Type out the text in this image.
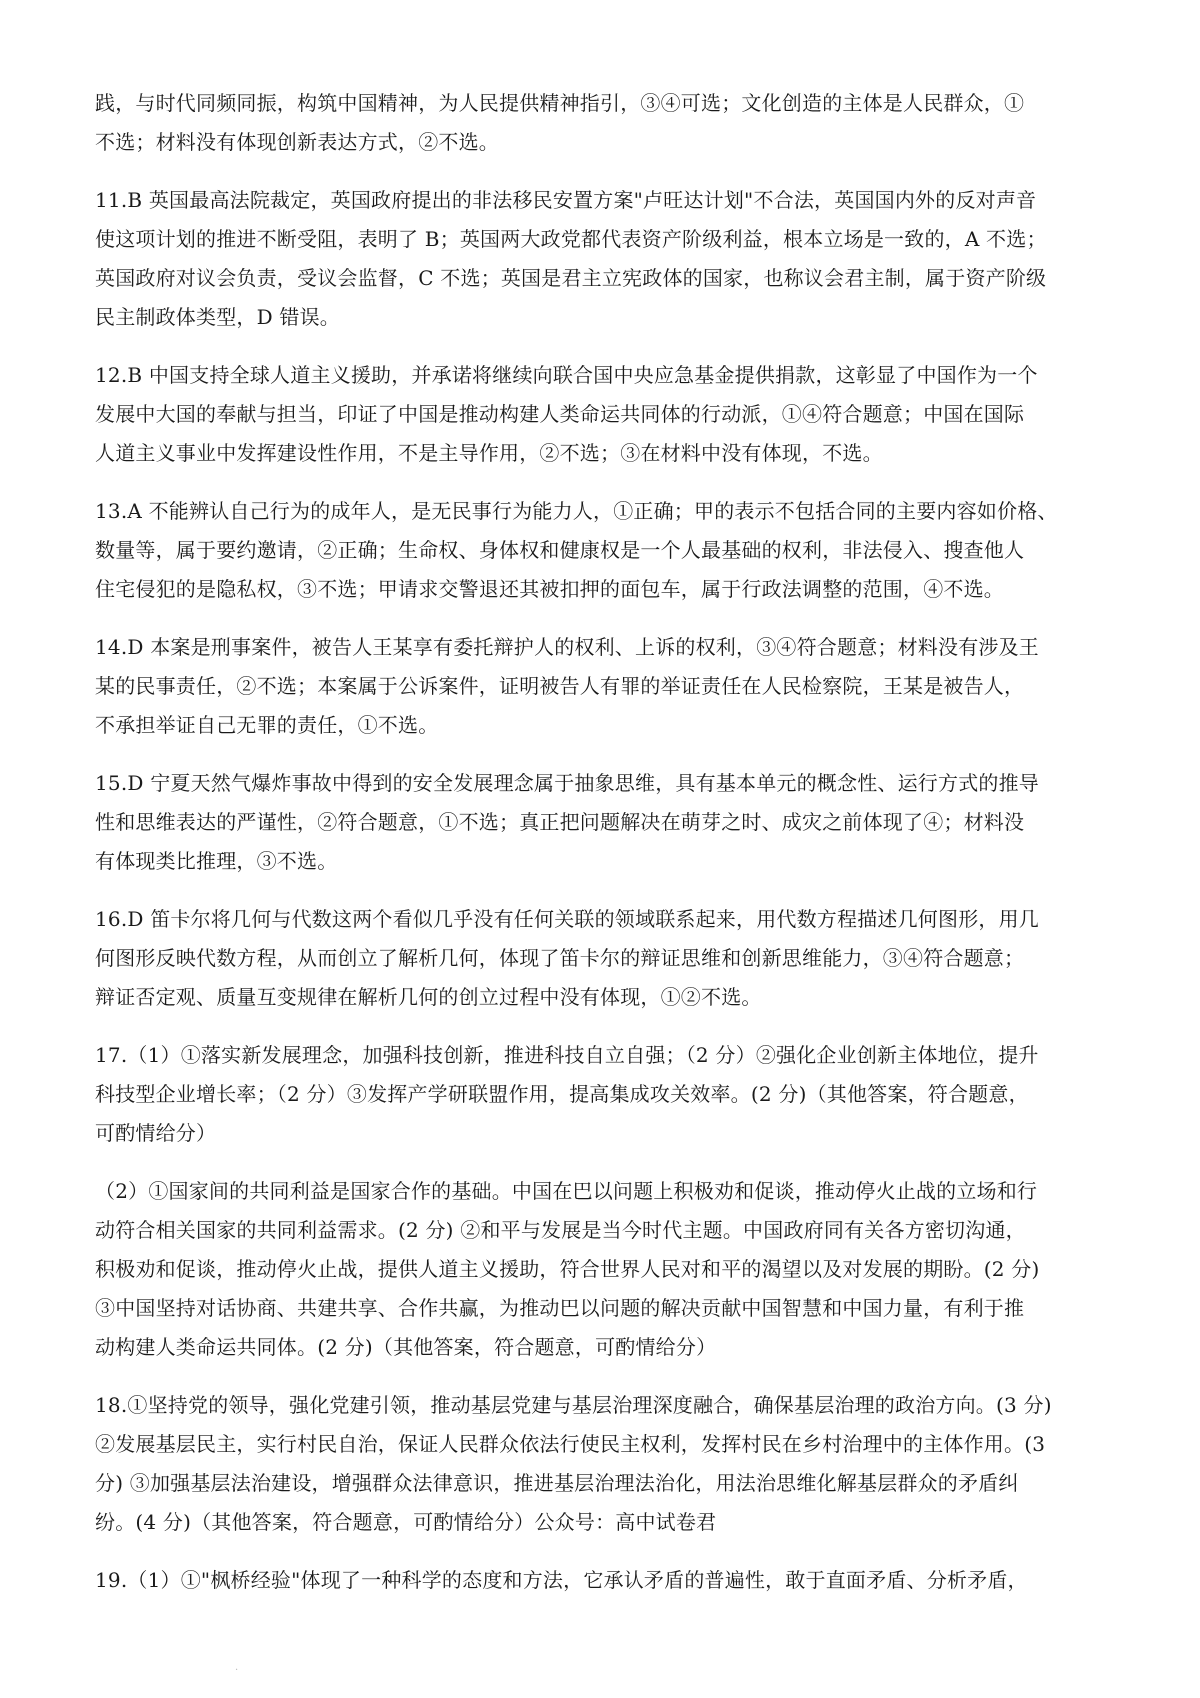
践，与时代同频同振，构筑中国精神，为人民提供精神指引，③④可选；文化创造的主体是人民群众，①
不选；材料没有体现创新表达方式，②不选。
11.B 英国最高法院裁定，英国政府提出的非法移民安置方案"卢旺达计划"不合法，英国国内外的反对声音
使这项计划的推进不断受阻，表明了 B；英国两大政党都代表资产阶级利益，根本立场是一致的，A 不选；
英国政府对议会负责，受议会监督，C 不选；英国是君主立宪政体的国家，也称议会君主制，属于资产阶级
民主制政体类型，D 错误。
12.B 中国支持全球人道主义援助，并承诺将继续向联合国中央应急基金提供捐款，这彰显了中国作为一个
发展中大国的奉献与担当，印证了中国是推动构建人类命运共同体的行动派，①④符合题意；中国在国际
人道主义事业中发挥建设性作用，不是主导作用，②不选；③在材料中没有体现，不选。
13.A 不能辨认自己行为的成年人，是无民事行为能力人，①正确；甲的表示不包括合同的主要内容如价格、
数量等，属于要约邀请，②正确；生命权、身体权和健康权是一个人最基础的权利，非法侵入、搜查他人
住宅侵犯的是隐私权，③不选；甲请求交警退还其被扣押的面包车，属于行政法调整的范围，④不选。
14.D 本案是刑事案件，被告人王某享有委托辩护人的权利、上诉的权利，③④符合题意；材料没有涉及王
某的民事责任，②不选；本案属于公诉案件，证明被告人有罪的举证责任在人民检察院，王某是被告人，
不承担举证自己无罪的责任，①不选。
15.D 宁夏天然气爆炸事故中得到的安全发展理念属于抽象思维，具有基本单元的概念性、运行方式的推导
性和思维表达的严谨性，②符合题意，①不选；真正把问题解决在萌芽之时、成灾之前体现了④；材料没
有体现类比推理，③不选。
16.D 笛卡尔将几何与代数这两个看似几乎没有任何关联的领域联系起来，用代数方程描述几何图形，用几
何图形反映代数方程，从而创立了解析几何，体现了笛卡尔的辩证思维和创新思维能力，③④符合题意；
辩证否定观、质量互变规律在解析几何的创立过程中没有体现，①②不选。
17.（1）①落实新发展理念，加强科技创新，推进科技自立自强；（2 分）②强化企业创新主体地位，提升
科技型企业增长率；（2 分）③发挥产学研联盟作用，提高集成攻关效率。(2 分)（其他答案，符合题意，
可酌情给分）
（2）①国家间的共同利益是国家合作的基础。中国在巴以问题上积极劝和促谈，推动停火止战的立场和行
动符合相关国家的共同利益需求。(2 分) ②和平与发展是当今时代主题。中国政府同有关各方密切沟通，
积极劝和促谈，推动停火止战，提供人道主义援助，符合世界人民对和平的渴望以及对发展的期盼。(2 分)
③中国坚持对话协商、共建共享、合作共赢，为推动巴以问题的解决贡献中国智慧和中国力量，有利于推
动构建人类命运共同体。(2 分)（其他答案，符合题意，可酌情给分）
18.①坚持党的领导，强化党建引领，推动基层党建与基层治理深度融合，确保基层治理的政治方向。(3 分)
②发展基层民主，实行村民自治，保证人民群众依法行使民主权利，发挥村民在乡村治理中的主体作用。(3
分) ③加强基层法治建设，增强群众法律意识，推进基层治理法治化，用法治思维化解基层群众的矛盾纠
纷。(4 分)（其他答案，符合题意，可酌情给分）公众号：高中试卷君
19.（1）①"枫桥经验"体现了一种科学的态度和方法，它承认矛盾的普遍性，敢于直面矛盾、分析矛盾，
·
